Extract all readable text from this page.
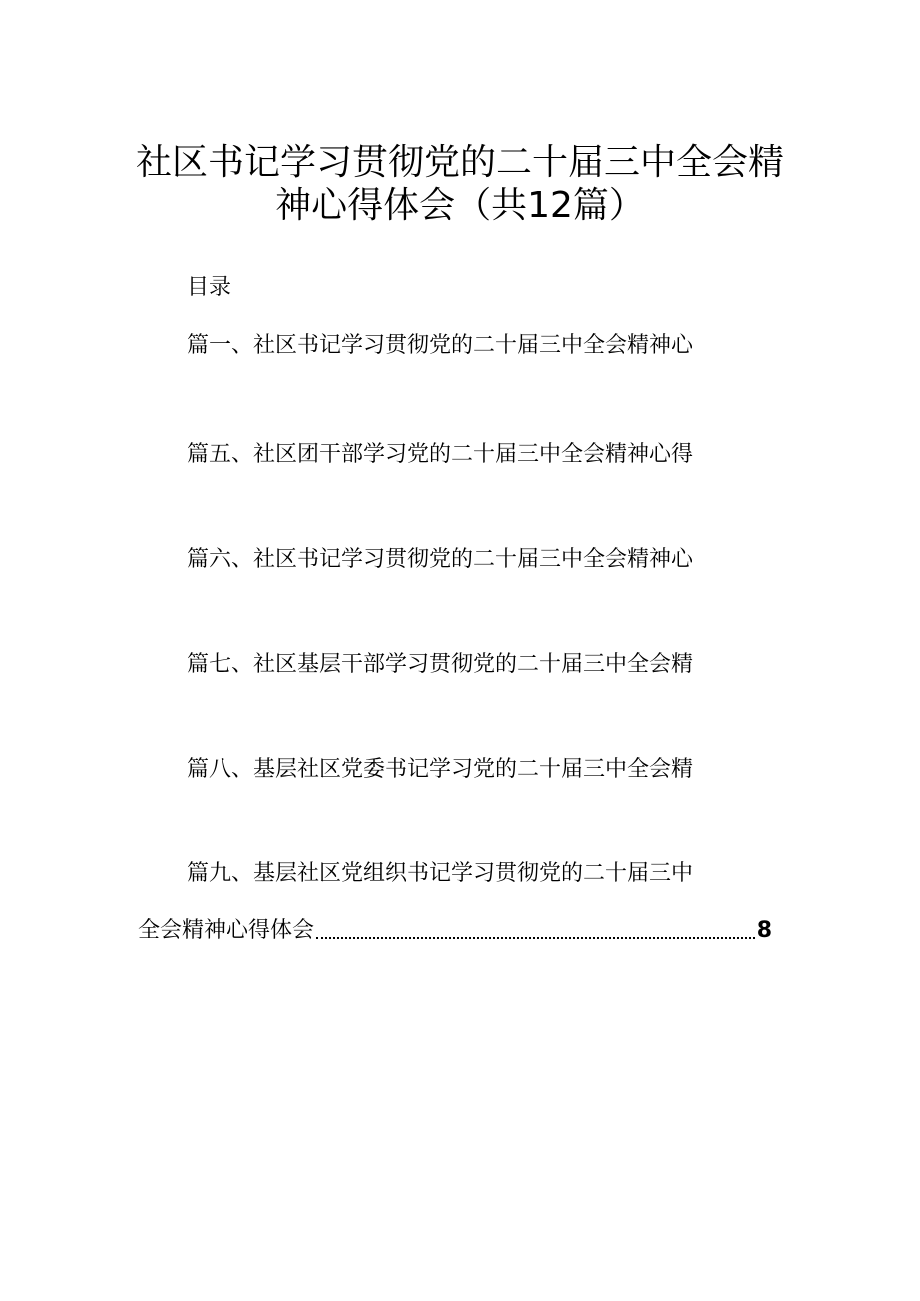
社区书记学习贯彻党的二十届三中全会精
神心得体会（共12篇）
目录
篇一、社区书记学习贯彻党的二十届三中全会精神心
篇五、社区团干部学习党的二十届三中全会精神心得
篇六、社区书记学习贯彻党的二十届三中全会精神心
篇七、社区基层干部学习贯彻党的二十届三中全会精
篇八、基层社区党委书记学习党的二十届三中全会精
篇九、基层社区党组织书记学习贯彻党的二十届三中
全会精神心得体会	8
